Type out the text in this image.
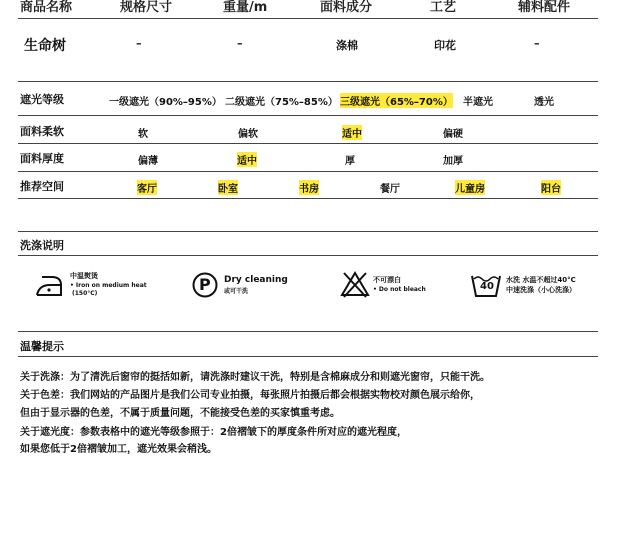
商品名称	规格尺寸	重量/m	面料成分	工艺	辅料配件
生命树	–	–	涤棉	印花	–
遮光等级	一级遮光（90%–95%） 二级遮光（75%–85%） 三级遮光（65%–70%） 半遮光	透光
面料柔软	软	偏软	适中	偏硬
面料厚度	偏薄	适中	厚	加厚
推荐空间	客厅	卧室	书房	餐厅	儿童房	阳台
洗涤说明
中温熨烫
• Iron on medium heat
(150°C)	P Dry cleaning
或可干洗
不可漂白
• Do not bleach	40
水洗 水温不超过40°C
中速洗涤（小心洗涤）
温馨提示
关于洗涤：为了清洗后窗帘的挺括如新，请洗涤时建议干洗，特别是含棉麻成分和则遮光窗帘，只能干洗。
关于色差：我们网站的产品图片是我们公司专业拍摄，每张照片拍摄后都会根据实物校对颜色展示给你，
但由于显示器的色差，不属于质量问题，不能接受色差的买家慎重考虑。
关于遮光度：参数表格中的遮光等级参照于：2倍褶皱下的厚度条件所对应的遮光程度，
如果您低于2倍褶皱加工，遮光效果会稍浅。
